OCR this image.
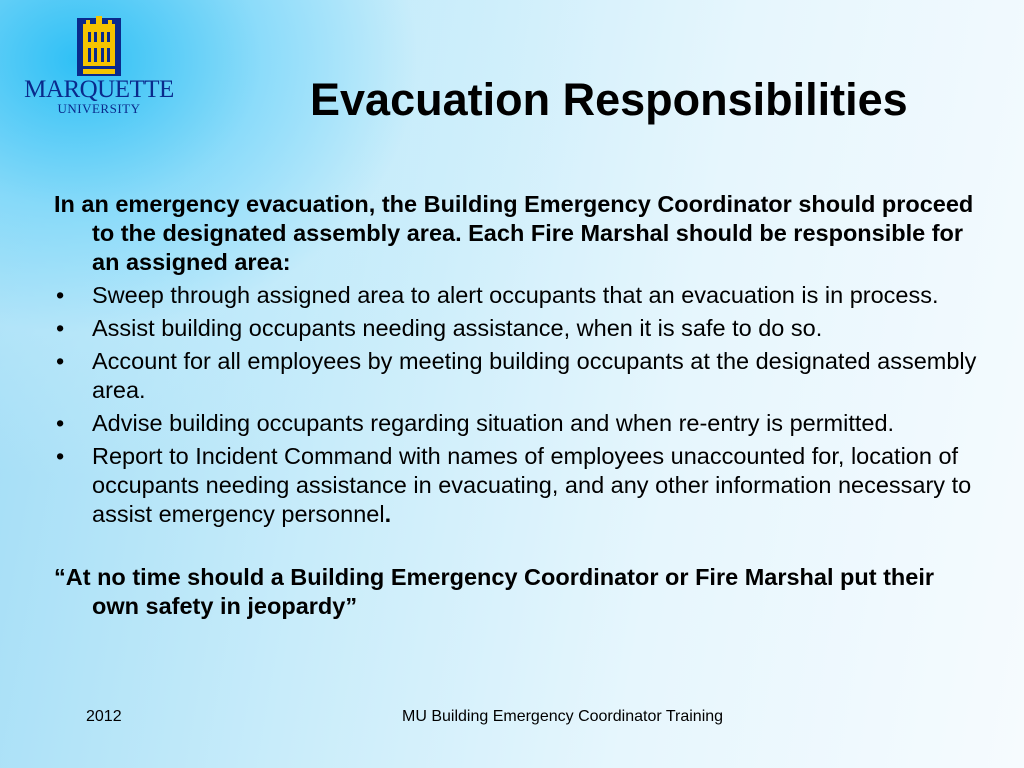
MARQUETTE
UNIVERSITY	Evacuation Responsibilities

In an emergency evacuation, the Building Emergency Coordinator should proceed to the designated assembly area. Each Fire Marshal should be responsible for an assigned area:

• Sweep through assigned area to alert occupants that an evacuation is in process.
• Assist building occupants needing assistance, when it is safe to do so.
• Account for all employees by meeting building occupants at the designated assembly area.
• Advise building occupants regarding situation and when re-entry is permitted.
• Report to Incident Command with names of employees unaccounted for, location of occupants needing assistance in evacuating, and any other information necessary to assist emergency personnel.

“At no time should a Building Emergency Coordinator or Fire Marshal put their own safety in jeopardy”

2012	MU Building Emergency Coordinator Training
